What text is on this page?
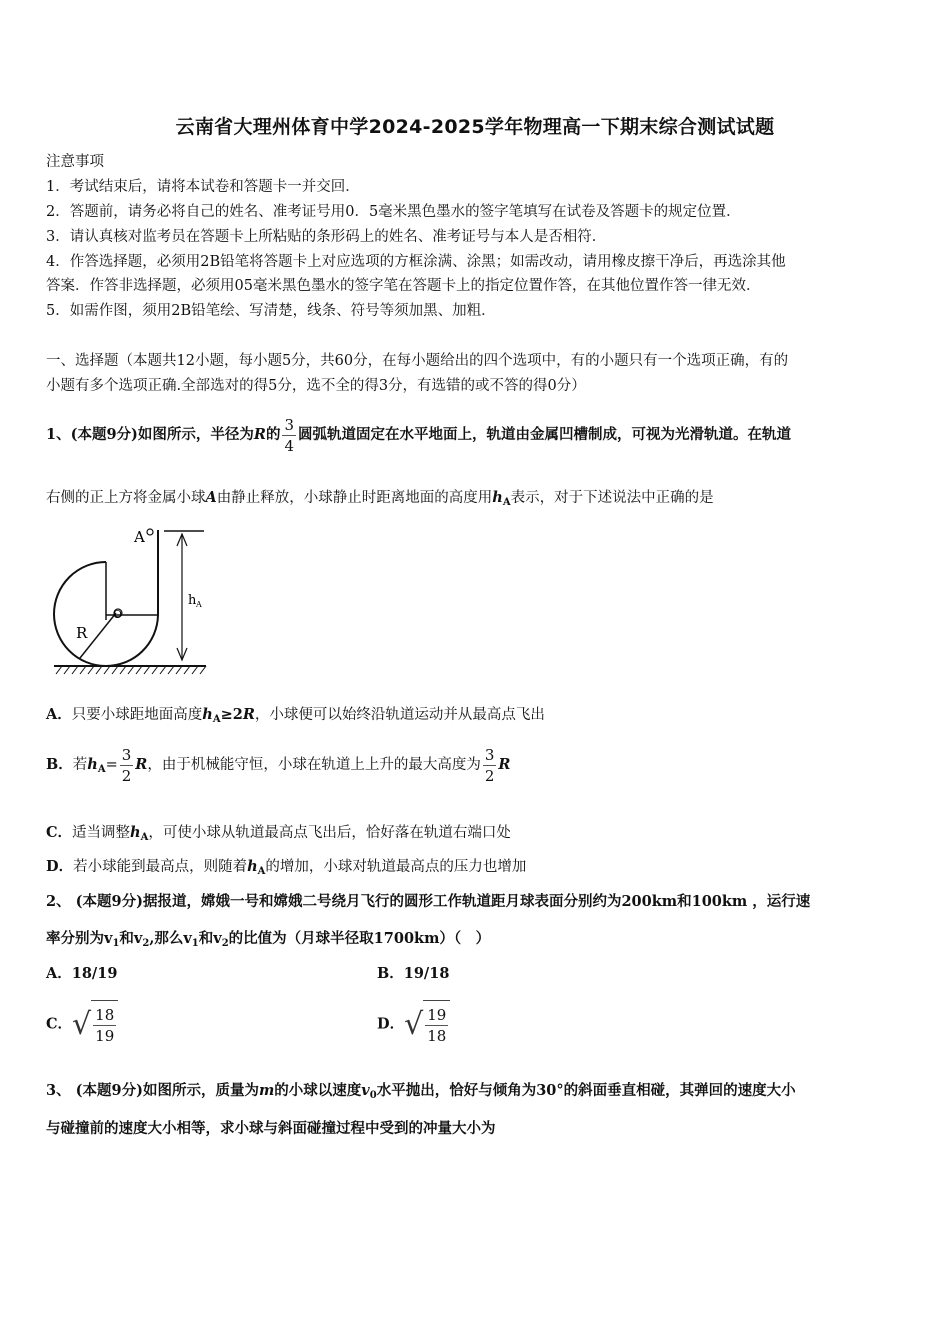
云南省大理州体育中学2024-2025学年物理高一下期末综合测试试题
注意事项
1．考试结束后，请将本试卷和答题卡一并交回．
2．答题前，请务必将自己的姓名、准考证号用0．5毫米黑色墨水的签字笔填写在试卷及答题卡的规定位置．
3．请认真核对监考员在答题卡上所粘贴的条形码上的姓名、准考证号与本人是否相符．
4．作答选择题，必须用2B铅笔将答题卡上对应选项的方框涂满、涂黑；如需改动，请用橡皮擦干净后，再选涂其他
答案．作答非选择题，必须用05毫米黑色墨水的签字笔在答题卡上的指定位置作答，在其他位置作答一律无效．
5．如需作图，须用2B铅笔绘、写清楚，线条、符号等须加黑、加粗．
一、选择题（本题共12小题，每小题5分，共60分，在每小题给出的四个选项中，有的小题只有一个选项正确，有的
小题有多个选项正确.全部选对的得5分，选不全的得3分，有选错的或不答的得0分）
1、(本题9分)如图所示，半径为R的 $\frac{3}{4}$ 圆弧轨道固定在水平地面上，轨道由金属凹槽制成，可视为光滑轨道。在轨道
右侧的正上方将金属小球A由静止释放，小球静止时距离地面的高度用$h_A$表示，对于下述说法中正确的是
A
O
R
h A
A．只要小球距地面高度$h_A\ge 2R$，小球便可以始终沿轨道运动并从最高点飞出
B．若$h_A= \frac{3}{2}$ R，由于机械能守恒，小球在轨道上上升的最大高度为 $\frac{3}{2}$ R
C．适当调整$h_A$，可使小球从轨道最高点飞出后，恰好落在轨道右端口处
D．若小球能到最高点，则随着$h_A$的增加，小球对轨道最高点的压力也增加
2、 (本题9分)据报道，嫦娥一号和嫦娥二号绕月飞行的圆形工作轨道距月球表面分别约为200km和100km ，运行速
率分别为$v_1$和$v_2$,那么$v_1$和$v_2$的比值为（月球半径取1700km）（　）
A．18/19	B．19/18
C． √ $\frac{18}{19}$	D． √ $\frac{19}{18}$
3、 (本题9分)如图所示，质量为m的小球以速度$v_0$水平抛出，恰好与倾角为30°的斜面垂直相碰，其弹回的速度大小
与碰撞前的速度大小相等，求小球与斜面碰撞过程中受到的冲量大小为
